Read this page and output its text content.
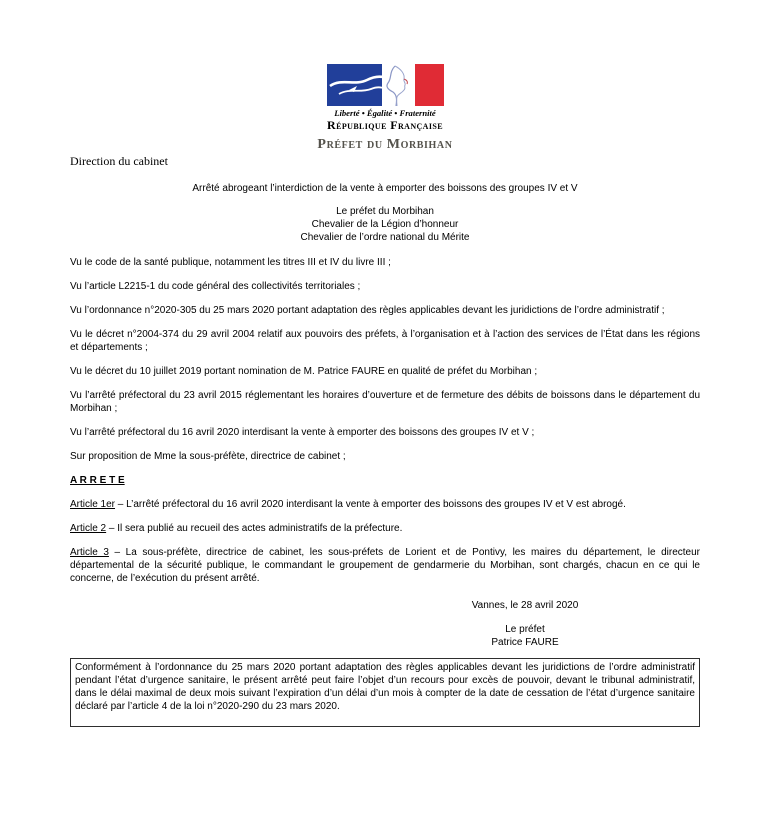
Liberté • Égalité • Fraternité
République Française
Préfet du Morbihan
Direction du cabinet
Arrêté abrogeant l’interdiction de la vente à emporter des boissons des groupes IV et V
Le préfet du Morbihan
Chevalier de la Légion d’honneur
Chevalier de l’ordre national du Mérite

Vu le code de la santé publique, notamment les titres III et IV du livre III ;

Vu l’article L2215-1 du code général des collectivités territoriales ;

Vu l’ordonnance n°2020-305 du 25 mars 2020 portant adaptation des règles applicables devant les juridictions de l’ordre administratif ;

Vu le décret n°2004-374 du 29 avril 2004 relatif aux pouvoirs des préfets, à l’organisation et à l’action des services de l’État dans les régions et départements ;

Vu le décret du 10 juillet 2019 portant nomination de M. Patrice FAURE en qualité de préfet du Morbihan ;

Vu l’arrêté préfectoral du 23 avril 2015 réglementant les horaires d’ouverture et de fermeture des débits de boissons dans le département du Morbihan ;

Vu l’arrêté préfectoral du 16 avril 2020 interdisant la vente à emporter des boissons des groupes IV et V ;

Sur proposition de Mme la sous-préfète, directrice de cabinet ;

A R R E T E

Article 1er – L’arrêté préfectoral du 16 avril 2020 interdisant la vente à emporter des boissons des groupes IV et V est abrogé.

Article 2 – Il sera publié au recueil des actes administratifs de la préfecture.

Article 3 – La sous-préfète, directrice de cabinet, les sous-préfets de Lorient et de Pontivy, les maires du département, le directeur départemental de la sécurité publique, le commandant le groupement de gendarmerie du Morbihan, sont chargés, chacun en ce qui le concerne, de l’exécution du présent arrêté.

Vannes, le 28 avril 2020
Le préfet
Patrice FAURE
Conformément à l’ordonnance du 25 mars 2020 portant adaptation des règles applicables devant les juridictions de l’ordre administratif pendant l’état d’urgence sanitaire, le présent arrêté peut faire l’objet d’un recours pour excès de pouvoir, devant le tribunal administratif, dans le délai maximal de deux mois suivant l’expiration d’un délai d’un mois à compter de la date de cessation de l’état d’urgence sanitaire déclaré par l’article 4 de la loi n°2020-290 du 23 mars 2020.
